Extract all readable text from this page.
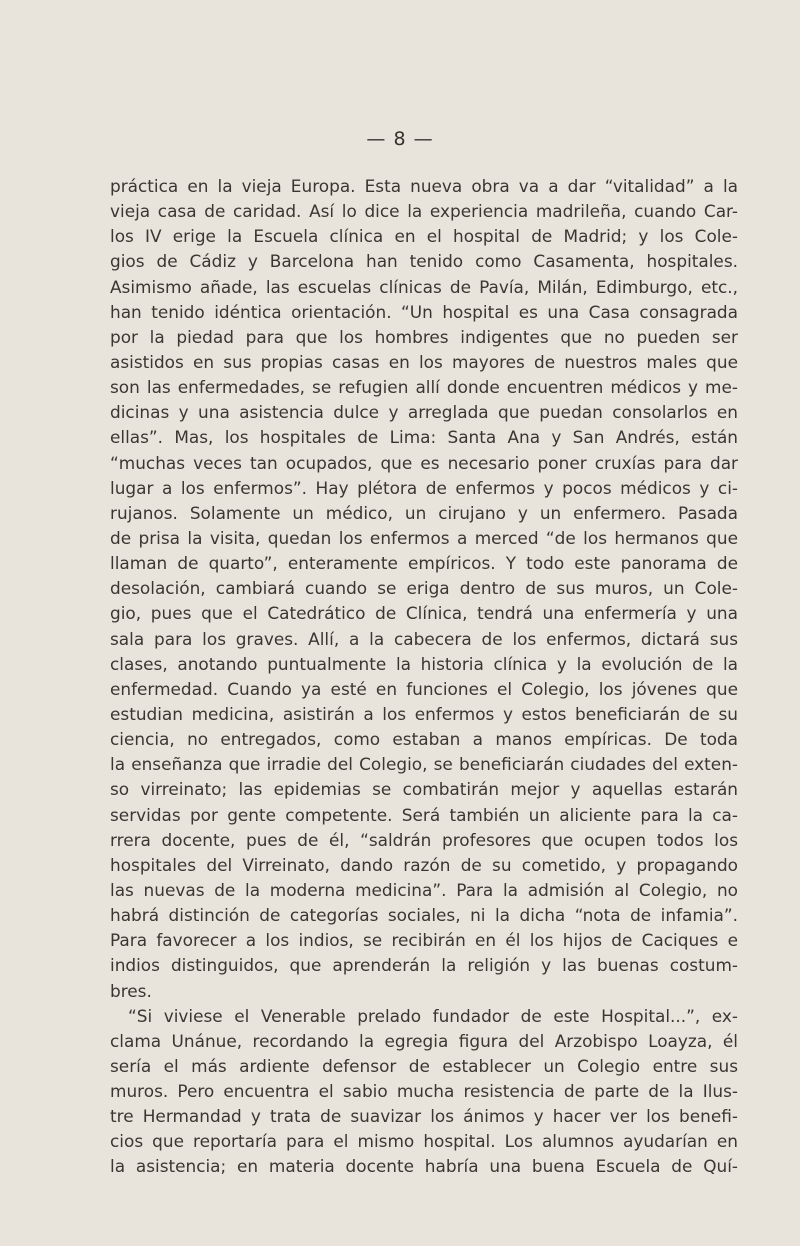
— 8 —
práctica en la vieja Europa. Esta nueva obra va a dar “vitalidad” a la
vieja casa de caridad. Así lo dice la experiencia madrileña, cuando Car-
los IV erige la Escuela clínica en el hospital de Madrid; y los Cole-
gios de Cádiz y Barcelona han tenido como Casamenta, hospitales.
Asimismo añade, las escuelas clínicas de Pavía, Milán, Edimburgo, etc.,
han tenido idéntica orientación. “Un hospital es una Casa consagrada
por la piedad para que los hombres indigentes que no pueden ser
asistidos en sus propias casas en los mayores de nuestros males que
son las enfermedades, se refugien allí donde encuentren médicos y me-
dicinas y una asistencia dulce y arreglada que puedan consolarlos en
ellas”. Mas, los hospitales de Lima: Santa Ana y San Andrés, están
“muchas veces tan ocupados, que es necesario poner cruxías para dar
lugar a los enfermos”. Hay plétora de enfermos y pocos médicos y ci-
rujanos. Solamente un médico, un cirujano y un enfermero. Pasada
de prisa la visita, quedan los enfermos a merced “de los hermanos que
llaman de quarto”, enteramente empíricos. Y todo este panorama de
desolación, cambiará cuando se eriga dentro de sus muros, un Cole-
gio, pues que el Catedrático de Clínica, tendrá una enfermería y una
sala para los graves. Allí, a la cabecera de los enfermos, dictará sus
clases, anotando puntualmente la historia clínica y la evolución de la
enfermedad. Cuando ya esté en funciones el Colegio, los jóvenes que
estudian medicina, asistirán a los enfermos y estos beneficiarán de su
ciencia, no entregados, como estaban a manos empíricas. De toda
la enseñanza que irradie del Colegio, se beneficiarán ciudades del exten-
so virreinato; las epidemias se combatirán mejor y aquellas estarán
servidas por gente competente. Será también un aliciente para la ca-
rrera docente, pues de él, “saldrán profesores que ocupen todos los
hospitales del Virreinato, dando razón de su cometido, y propagando
las nuevas de la moderna medicina”. Para la admisión al Colegio, no
habrá distinción de categorías sociales, ni la dicha “nota de infamia”.
Para favorecer a los indios, se recibirán en él los hijos de Caciques e
indios distinguidos, que aprenderán la religión y las buenas costum-
bres.
“Si viviese el Venerable prelado fundador de este Hospital...”, ex-
clama Unánue, recordando la egregia figura del Arzobispo Loayza, él
sería el más ardiente defensor de establecer un Colegio entre sus
muros. Pero encuentra el sabio mucha resistencia de parte de la Ilus-
tre Hermandad y trata de suavizar los ánimos y hacer ver los benefi-
cios que reportaría para el mismo hospital. Los alumnos ayudarían en
la asistencia; en materia docente habría una buena Escuela de Quí-
